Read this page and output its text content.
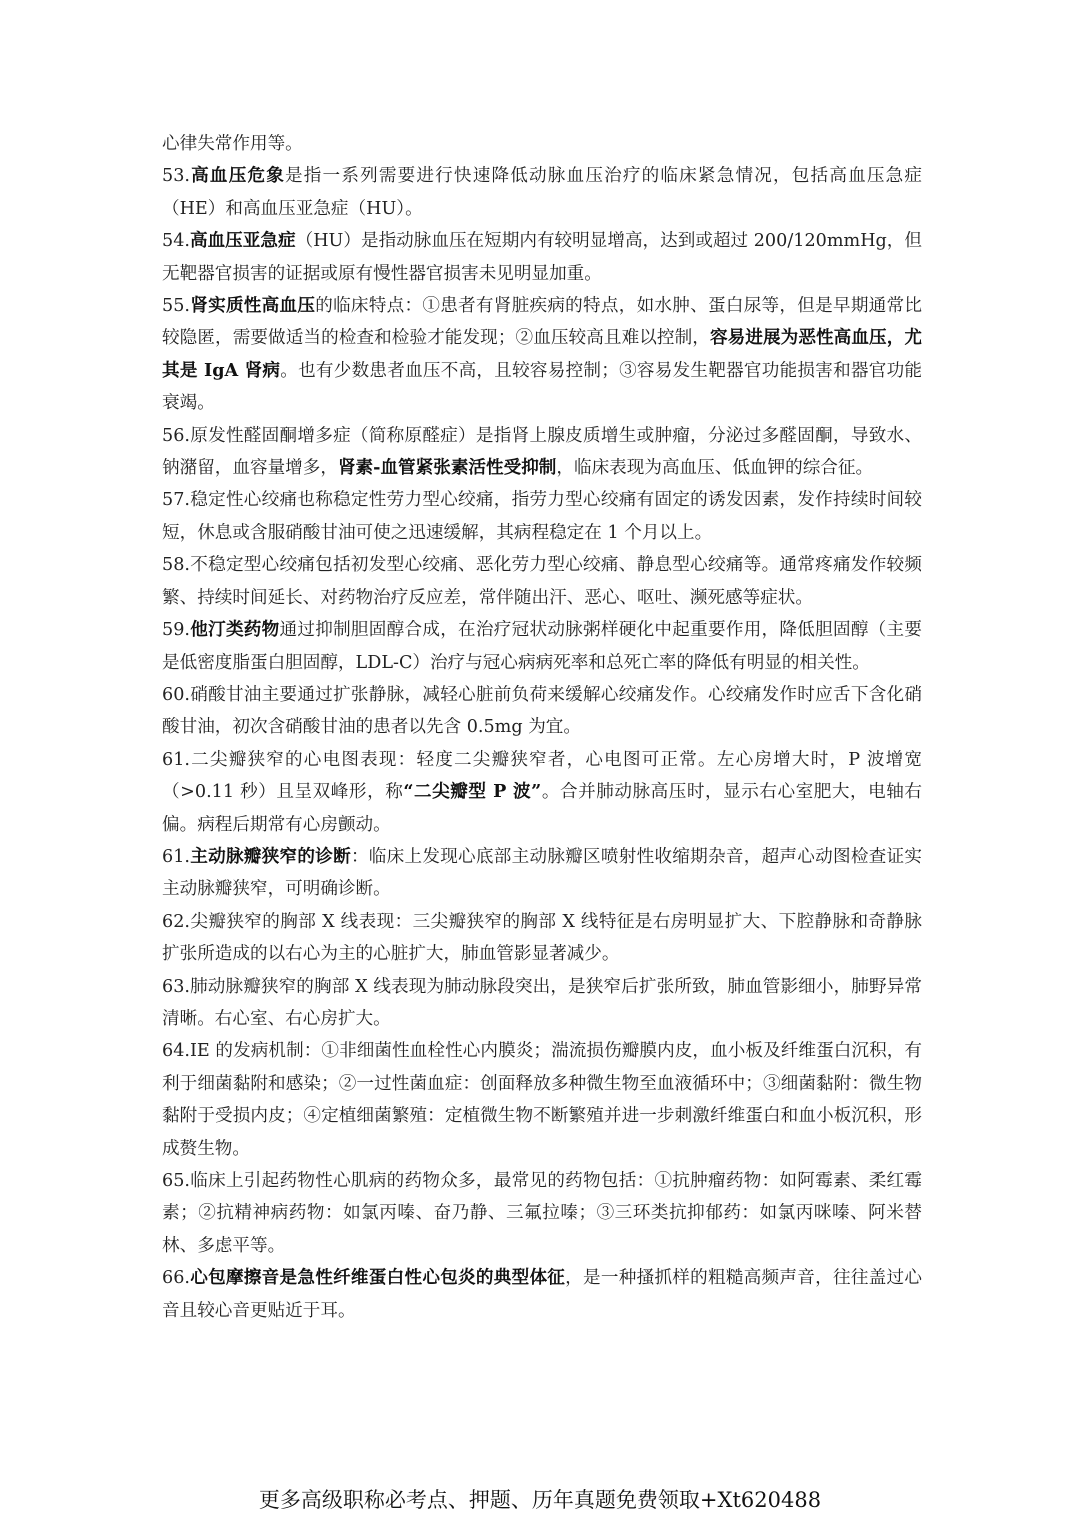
心律失常作用等。

53.高血压危象是指一系列需要进行快速降低动脉血压治疗的临床紧急情况，包括高血压急症（HE）和高血压亚急症（HU）。

54.高血压亚急症（HU）是指动脉血压在短期内有较明显增高，达到或超过 200/120mmHg，但无靶器官损害的证据或原有慢性器官损害未见明显加重。

55.肾实质性高血压的临床特点：①患者有肾脏疾病的特点，如水肿、蛋白尿等，但是早期通常比较隐匿，需要做适当的检查和检验才能发现；②血压较高且难以控制，容易进展为恶性高血压，尤其是 IgA 肾病。也有少数患者血压不高，且较容易控制；③容易发生靶器官功能损害和器官功能衰竭。

56.原发性醛固酮增多症（简称原醛症）是指肾上腺皮质增生或肿瘤，分泌过多醛固酮，导致水、钠潴留，血容量增多，肾素-血管紧张素活性受抑制，临床表现为高血压、低血钾的综合征。

57.稳定性心绞痛也称稳定性劳力型心绞痛，指劳力型心绞痛有固定的诱发因素，发作持续时间较短，休息或含服硝酸甘油可使之迅速缓解，其病程稳定在 1 个月以上。

58.不稳定型心绞痛包括初发型心绞痛、恶化劳力型心绞痛、静息型心绞痛等。通常疼痛发作较频繁、持续时间延长、对药物治疗反应差，常伴随出汗、恶心、呕吐、濒死感等症状。

59.他汀类药物通过抑制胆固醇合成，在治疗冠状动脉粥样硬化中起重要作用，降低胆固醇（主要是低密度脂蛋白胆固醇，LDL-C）治疗与冠心病病死率和总死亡率的降低有明显的相关性。

60.硝酸甘油主要通过扩张静脉，减轻心脏前负荷来缓解心绞痛发作。心绞痛发作时应舌下含化硝酸甘油，初次含硝酸甘油的患者以先含 0.5mg 为宜。

61.二尖瓣狭窄的心电图表现：轻度二尖瓣狭窄者，心电图可正常。左心房增大时，P 波增宽（>0.11 秒）且呈双峰形，称“二尖瓣型 P 波”。合并肺动脉高压时，显示右心室肥大，电轴右偏。病程后期常有心房颤动。

61.主动脉瓣狭窄的诊断：临床上发现心底部主动脉瓣区喷射性收缩期杂音，超声心动图检查证实主动脉瓣狭窄，可明确诊断。

62.尖瓣狭窄的胸部 X 线表现：三尖瓣狭窄的胸部 X 线特征是右房明显扩大、下腔静脉和奇静脉扩张所造成的以右心为主的心脏扩大，肺血管影显著减少。

63.肺动脉瓣狭窄的胸部 X 线表现为肺动脉段突出，是狭窄后扩张所致，肺血管影细小，肺野异常清晰。右心室、右心房扩大。

64.IE 的发病机制：①非细菌性血栓性心内膜炎；湍流损伤瓣膜内皮，血小板及纤维蛋白沉积，有利于细菌黏附和感染；②一过性菌血症：创面释放多种微生物至血液循环中；③细菌黏附：微生物黏附于受损内皮；④定植细菌繁殖：定植微生物不断繁殖并进一步刺激纤维蛋白和血小板沉积，形成赘生物。

65.临床上引起药物性心肌病的药物众多，最常见的药物包括：①抗肿瘤药物：如阿霉素、柔红霉素；②抗精神病药物：如氯丙嗪、奋乃静、三氟拉嗪；③三环类抗抑郁药：如氯丙咪嗪、阿米替林、多虑平等。

66.心包摩擦音是急性纤维蛋白性心包炎的典型体征，是一种搔抓样的粗糙高频声音，往往盖过心音且较心音更贴近于耳。

更多高级职称必考点、押题、历年真题免费领取+Xt620488
